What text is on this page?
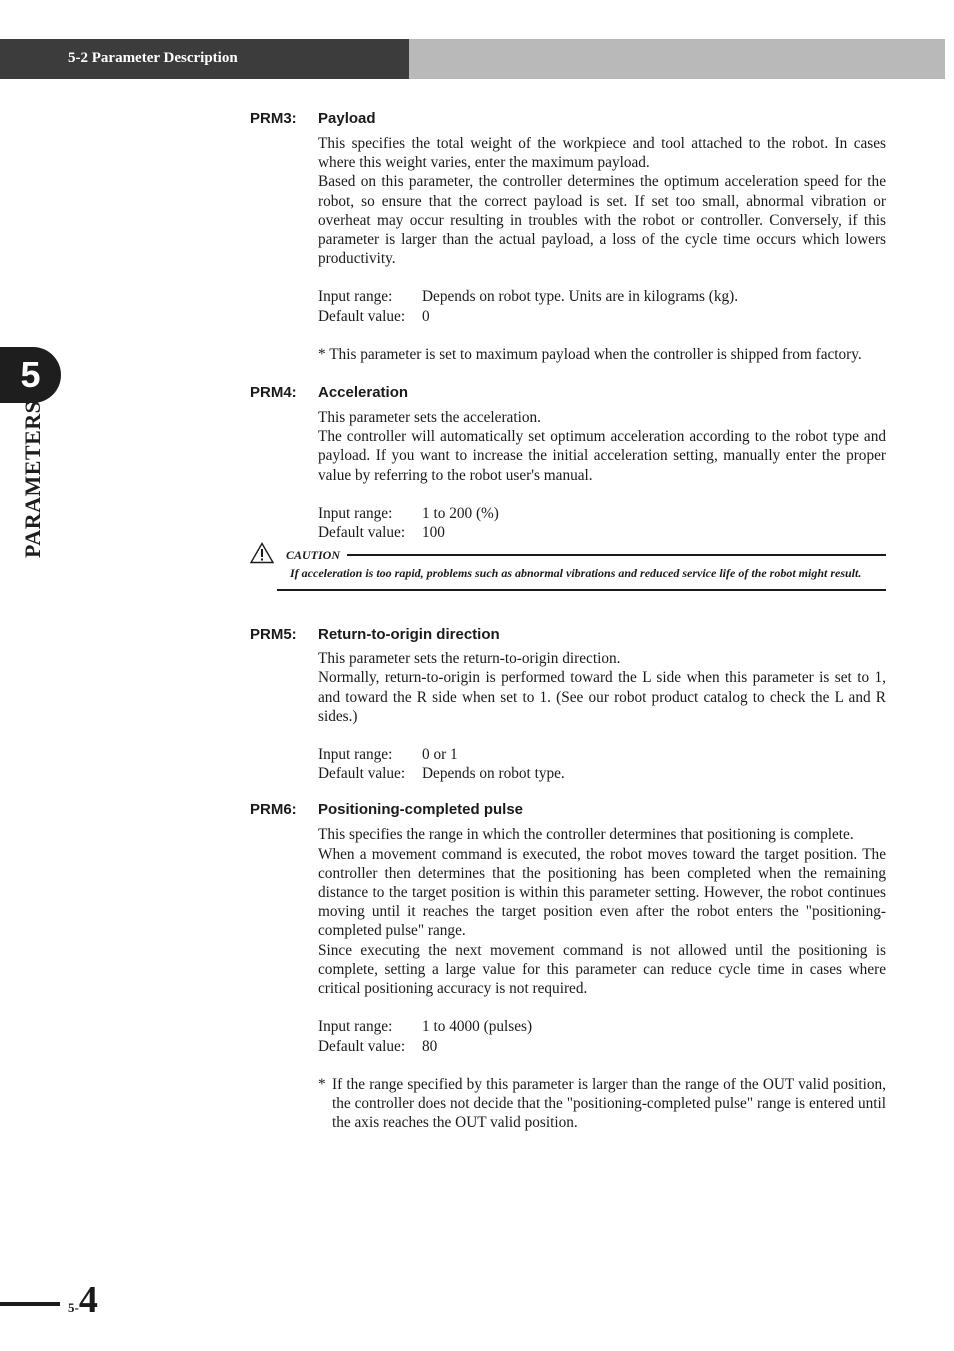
5-2 Parameter Description
5
PARAMETERS
PRM3:	Payload

This specifies the total weight of the workpiece and tool attached to the robot. In cases where this weight varies, enter the maximum payload.

Based on this parameter, the controller determines the optimum acceleration speed for the robot, so ensure that the correct payload is set. If set too small, abnormal vibration or overheat may occur resulting in troubles with the robot or controller. Conversely, if this parameter is larger than the actual payload, a loss of the cycle time occurs which lowers productivity.

Input range:	Depends on robot type. Units are in kilograms (kg).
Default value:	0

* This parameter is set to maximum payload when the controller is shipped from factory.

PRM4:	Acceleration

This parameter sets the acceleration.

The controller will automatically set optimum acceleration according to the robot type and payload. If you want to increase the initial acceleration setting, manually enter the proper value by referring to the robot user's manual.

Input range:	1 to 200 (%)
Default value:	100
CAUTION
If acceleration is too rapid, problems such as abnormal vibrations and reduced service life of the robot might result.
PRM5:	Return-to-origin direction

This parameter sets the return-to-origin direction.

Normally, return-to-origin is performed toward the L side when this parameter is set to 1, and toward the R side when set to 1. (See our robot product catalog to check the L and R sides.)

Input range:	0 or 1
Default value:	Depends on robot type.
PRM6:	Positioning-completed pulse

This specifies the range in which the controller determines that positioning is complete.

When a movement command is executed, the robot moves toward the target position. The controller then determines that the positioning has been completed when the remaining distance to the target position is within this parameter setting. However, the robot continues moving until it reaches the target position even after the robot enters the "positioning-completed pulse" range.

Since executing the next movement command is not allowed until the positioning is complete, setting a large value for this parameter can reduce cycle time in cases where critical positioning accuracy is not required.

Input range:	1 to 4000 (pulses)
Default value:	80
* If the range specified by this parameter is larger than the range of the OUT valid position, the controller does not decide that the "positioning-completed pulse" range is entered until the axis reaches the OUT valid position.
5-4
